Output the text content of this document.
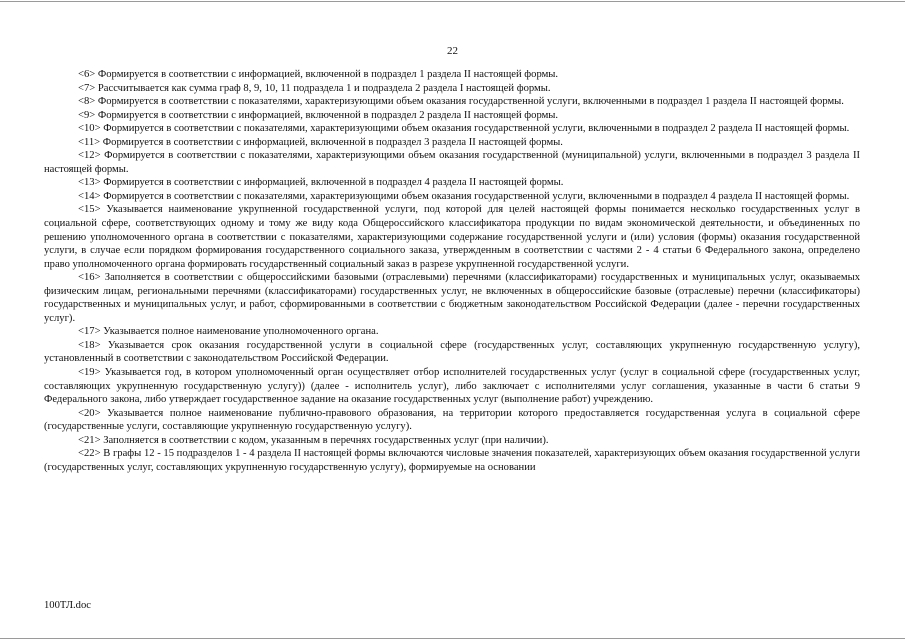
22

<6> Формируется в соответствии с информацией, включенной в подраздел 1 раздела II настоящей формы.

<7> Рассчитывается как сумма граф 8, 9, 10, 11 подраздела 1 и подраздела 2 раздела I настоящей формы.

<8> Формируется в соответствии с показателями, характеризующими объем оказания государственной услуги, включенными в подраздел 1 раздела II настоящей формы.

<9> Формируется в соответствии с информацией, включенной в подраздел 2 раздела II настоящей формы.

<10> Формируется в соответствии с показателями, характеризующими объем оказания государственной услуги, включенными в подраздел 2 раздела II настоящей формы.

<11> Формируется в соответствии с информацией, включенной в подраздел 3 раздела II настоящей формы.

<12> Формируется в соответствии с показателями, характеризующими объем оказания государственной (муниципальной) услуги, включенными в подраздел 3 раздела II настоящей формы.

<13> Формируется в соответствии с информацией, включенной в подраздел 4 раздела II настоящей формы.

<14> Формируется в соответствии с показателями, характеризующими объем оказания государственной услуги, включенными в подраздел 4 раздела II настоящей формы.

<15> Указывается наименование укрупненной государственной услуги, под которой для целей настоящей формы понимается несколько государственных услуг в социальной сфере, соответствующих одному и тому же виду кода Общероссийского классификатора продукции по видам экономической деятельности, и объединенных по решению уполномоченного органа в соответствии с показателями, характеризующими содержание государственной услуги и (или) условия (формы) оказания государственной услуги, в случае если порядком формирования государственного социального заказа, утвержденным в соответствии с частями 2 - 4 статьи 6 Федерального закона, определено право уполномоченного органа формировать государственный социальный заказ в разрезе укрупненной государственной услуги.

<16> Заполняется в соответствии с общероссийскими базовыми (отраслевыми) перечнями (классификаторами) государственных и муниципальных услуг, оказываемых физическим лицам, региональными перечнями (классификаторами) государственных услуг, не включенных в общероссийские базовые (отраслевые) перечни (классификаторы) государственных и муниципальных услуг, и работ, сформированными в соответствии с бюджетным законодательством Российской Федерации (далее - перечни государственных услуг).

<17> Указывается полное наименование уполномоченного органа.

<18> Указывается срок оказания государственной услуги в социальной сфере (государственных услуг, составляющих укрупненную государственную услугу), установленный в соответствии с законодательством Российской Федерации.

<19> Указывается год, в котором уполномоченный орган осуществляет отбор исполнителей государственных услуг (услуг в социальной сфере (государственных услуг, составляющих укрупненную государственную услугу)) (далее - исполнитель услуг), либо заключает с исполнителями услуг соглашения, указанные в части 6 статьи 9 Федерального закона, либо утверждает государственное задание на оказание государственных услуг (выполнение работ) учреждению.

<20> Указывается полное наименование публично-правового образования, на территории которого предоставляется государственная услуга в социальной сфере (государственные услуги, составляющие укрупненную государственную услугу).

<21> Заполняется в соответствии с кодом, указанным в перечнях государственных услуг (при наличии).

<22> В графы 12 - 15 подразделов 1 - 4 раздела II настоящей формы включаются числовые значения показателей, характеризующих объем оказания государственной услуги (государственных услуг, составляющих укрупненную государственную услугу), формируемые на основании

100ТЛ.doc
